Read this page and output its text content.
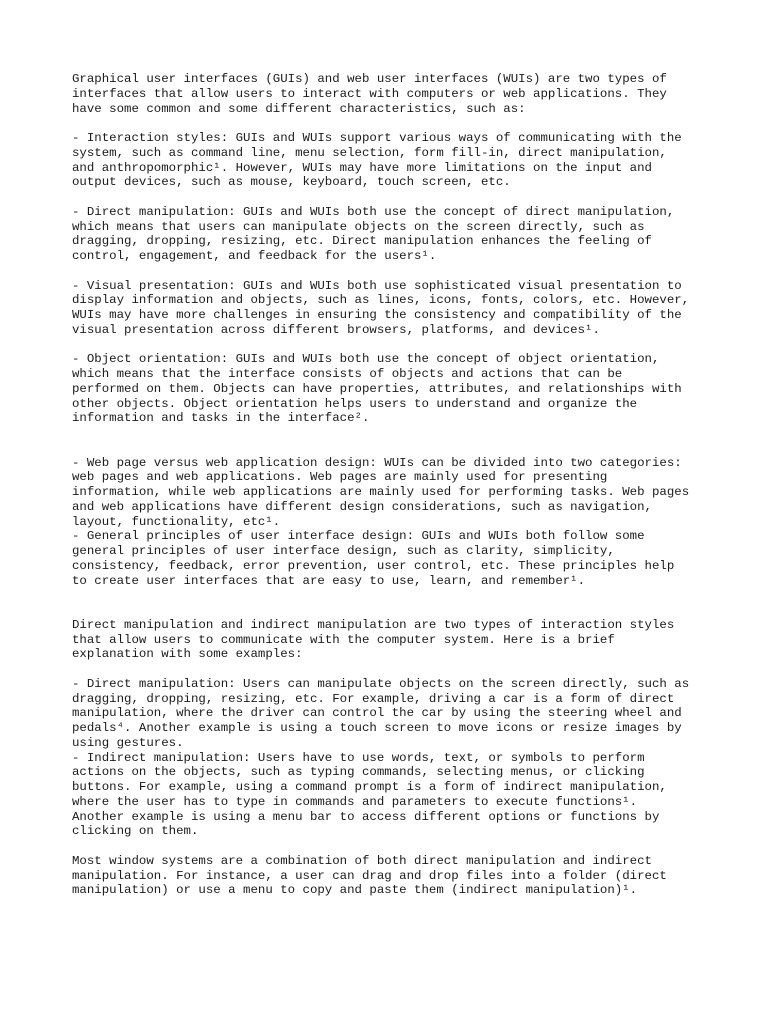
Graphical user interfaces (GUIs) and web user interfaces (WUIs) are two types of
interfaces that allow users to interact with computers or web applications. They
have some common and some different characteristics, such as:

- Interaction styles: GUIs and WUIs support various ways of communicating with the
system, such as command line, menu selection, form fill-in, direct manipulation,
and anthropomorphic¹. However, WUIs may have more limitations on the input and
output devices, such as mouse, keyboard, touch screen, etc.

- Direct manipulation: GUIs and WUIs both use the concept of direct manipulation,
which means that users can manipulate objects on the screen directly, such as
dragging, dropping, resizing, etc. Direct manipulation enhances the feeling of
control, engagement, and feedback for the users¹.

- Visual presentation: GUIs and WUIs both use sophisticated visual presentation to
display information and objects, such as lines, icons, fonts, colors, etc. However,
WUIs may have more challenges in ensuring the consistency and compatibility of the
visual presentation across different browsers, platforms, and devices¹.

- Object orientation: GUIs and WUIs both use the concept of object orientation,
which means that the interface consists of objects and actions that can be
performed on them. Objects can have properties, attributes, and relationships with
other objects. Object orientation helps users to understand and organize the
information and tasks in the interface².

- Web page versus web application design: WUIs can be divided into two categories:
web pages and web applications. Web pages are mainly used for presenting
information, while web applications are mainly used for performing tasks. Web pages
and web applications have different design considerations, such as navigation,
layout, functionality, etc¹.
- General principles of user interface design: GUIs and WUIs both follow some
general principles of user interface design, such as clarity, simplicity,
consistency, feedback, error prevention, user control, etc. These principles help
to create user interfaces that are easy to use, learn, and remember¹.

Direct manipulation and indirect manipulation are two types of interaction styles
that allow users to communicate with the computer system. Here is a brief
explanation with some examples:

- Direct manipulation: Users can manipulate objects on the screen directly, such as
dragging, dropping, resizing, etc. For example, driving a car is a form of direct
manipulation, where the driver can control the car by using the steering wheel and
pedals⁴. Another example is using a touch screen to move icons or resize images by
using gestures.
- Indirect manipulation: Users have to use words, text, or symbols to perform
actions on the objects, such as typing commands, selecting menus, or clicking
buttons. For example, using a command prompt is a form of indirect manipulation,
where the user has to type in commands and parameters to execute functions¹.
Another example is using a menu bar to access different options or functions by
clicking on them.

Most window systems are a combination of both direct manipulation and indirect
manipulation. For instance, a user can drag and drop files into a folder (direct
manipulation) or use a menu to copy and paste them (indirect manipulation)¹.
